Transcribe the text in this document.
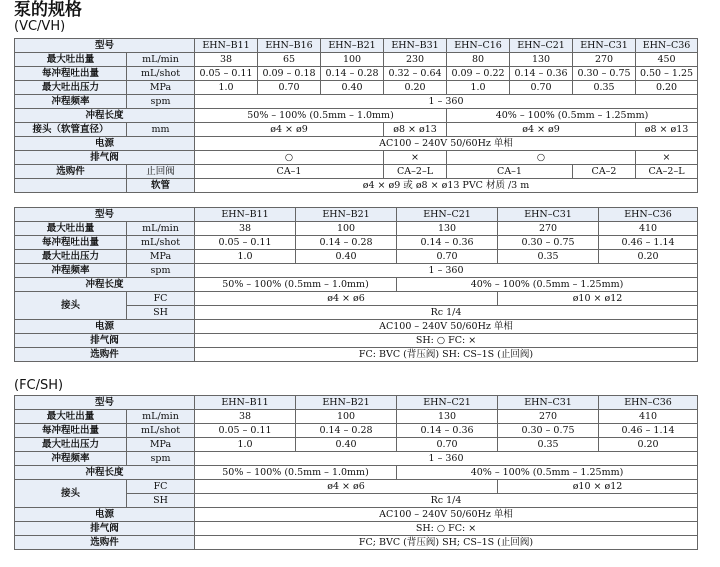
泵的规格
(VC/VH)
型号		EHN–B11	EHN–B16	EHN–B21	EHN–B31	EHN–C16	EHN–C21	EHN–C31	EHN–C36
最大吐出量	mL/min	38	65	100	230	80	130	270	450
每冲程吐出量	mL/shot	0.05 – 0.11	0.09 – 0.18	0.14 – 0.28	0.32 – 0.64	0.09 – 0.22	0.14 – 0.36	0.30 – 0.75	0.50 – 1.25
最大吐出压力	MPa	1.0	0.70	0.40	0.20	1.0	0.70	0.35	0.20
冲程频率	spm	1 – 360							
冲程长度		50% – 100% (0.5mm – 1.0mm)				40% – 100% (0.5mm – 1.25mm)			
接头（软管直径）	mm	ø4 × ø9			ø8 × ø13	ø4 × ø9			ø8 × ø13
电源		AC100 – 240V 50/60Hz 单相							
排气阀		○			×	○			×
选购件	止回阀	CA–1			CA–2–L	CA–1		CA–2	CA–2–L
	软管	ø4 × ø9 或 ø8 × ø13 PVC 材质 /3 m							
型号		EHN–B11	EHN–B21	EHN–C21	EHN–C31	EHN–C36
最大吐出量	mL/min	38	100	130	270	410
每冲程吐出量	mL/shot	0.05 – 0.11	0.14 – 0.28	0.14 – 0.36	0.30 – 0.75	0.46 – 1.14
最大吐出压力	MPa	1.0	0.40	0.70	0.35	0.20
冲程频率	spm	1 – 360				
冲程长度		50% – 100% (0.5mm – 1.0mm)		40% – 100% (0.5mm – 1.25mm)		
接头	FC	ø4 × ø6			ø10 × ø12	
	SH	Rc 1/4				
电源		AC100 – 240V 50/60Hz 单相				
排气阀		SH: ○ FC: ×				
选购件		FC: BVC (背压阀) SH: CS–1S (止回阀)				
(FC/SH)
型号		EHN–B11	EHN–B21	EHN–C21	EHN–C31	EHN–C36
最大吐出量	mL/min	38	100	130	270	410
每冲程吐出量	mL/shot	0.05 – 0.11	0.14 – 0.28	0.14 – 0.36	0.30 – 0.75	0.46 – 1.14
最大吐出压力	MPa	1.0	0.40	0.70	0.35	0.20
冲程频率	spm	1 – 360				
冲程长度		50% – 100% (0.5mm – 1.0mm)		40% – 100% (0.5mm – 1.25mm)		
接头	FC	ø4 × ø6			ø10 × ø12	
	SH	Rc 1/4				
电源		AC100 – 240V 50/60Hz 单相				
排气阀		SH: ○ FC: ×				
选购件		FC; BVC (背压阀) SH; CS–1S (止回阀)				
